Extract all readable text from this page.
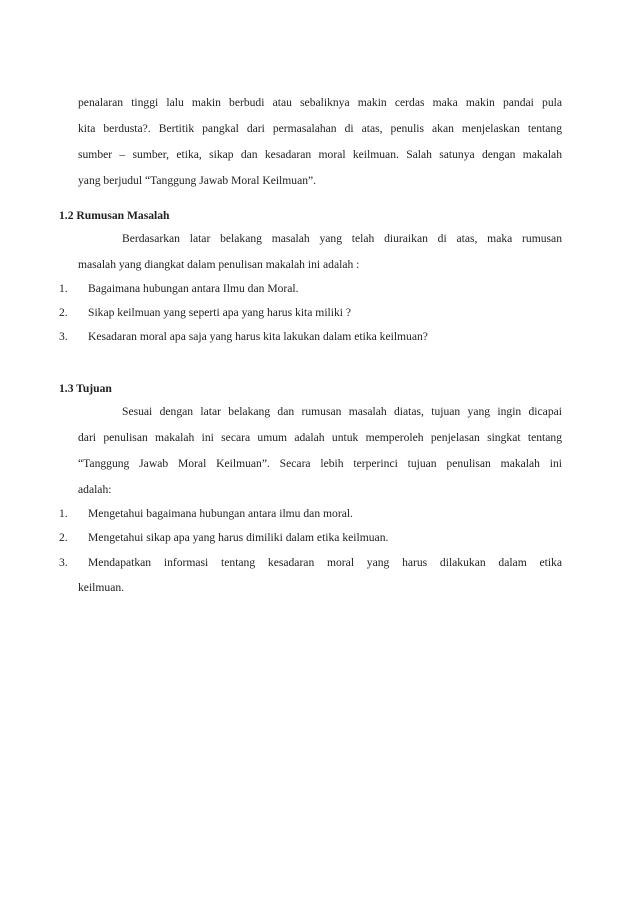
penalaran tinggi lalu makin berbudi atau sebaliknya makin cerdas maka makin pandai pula
kita berdusta?. Bertitik pangkal dari permasalahan di atas, penulis akan menjelaskan tentang
sumber – sumber, etika, sikap dan kesadaran moral keilmuan. Salah satunya dengan makalah
yang berjudul “Tanggung Jawab Moral Keilmuan”.
1.2 Rumusan Masalah
Berdasarkan latar belakang masalah yang telah diuraikan di atas, maka rumusan
masalah yang diangkat dalam penulisan makalah ini adalah :
1. Bagaimana hubungan antara Ilmu dan Moral.
2. Sikap keilmuan yang seperti apa yang harus kita miliki ?
3. Kesadaran moral apa saja yang harus kita lakukan dalam etika keilmuan?
1.3 Tujuan
Sesuai dengan latar belakang dan rumusan masalah diatas, tujuan yang ingin dicapai
dari penulisan makalah ini secara umum adalah untuk memperoleh penjelasan singkat tentang
“Tanggung Jawab Moral Keilmuan”. Secara lebih terperinci tujuan penulisan makalah ini
adalah:
1. Mengetahui bagaimana hubungan antara ilmu dan moral.
2. Mengetahui sikap apa yang harus dimiliki dalam etika keilmuan.
3. Mendapatkan informasi tentang kesadaran moral yang harus dilakukan dalam etika
keilmuan.
